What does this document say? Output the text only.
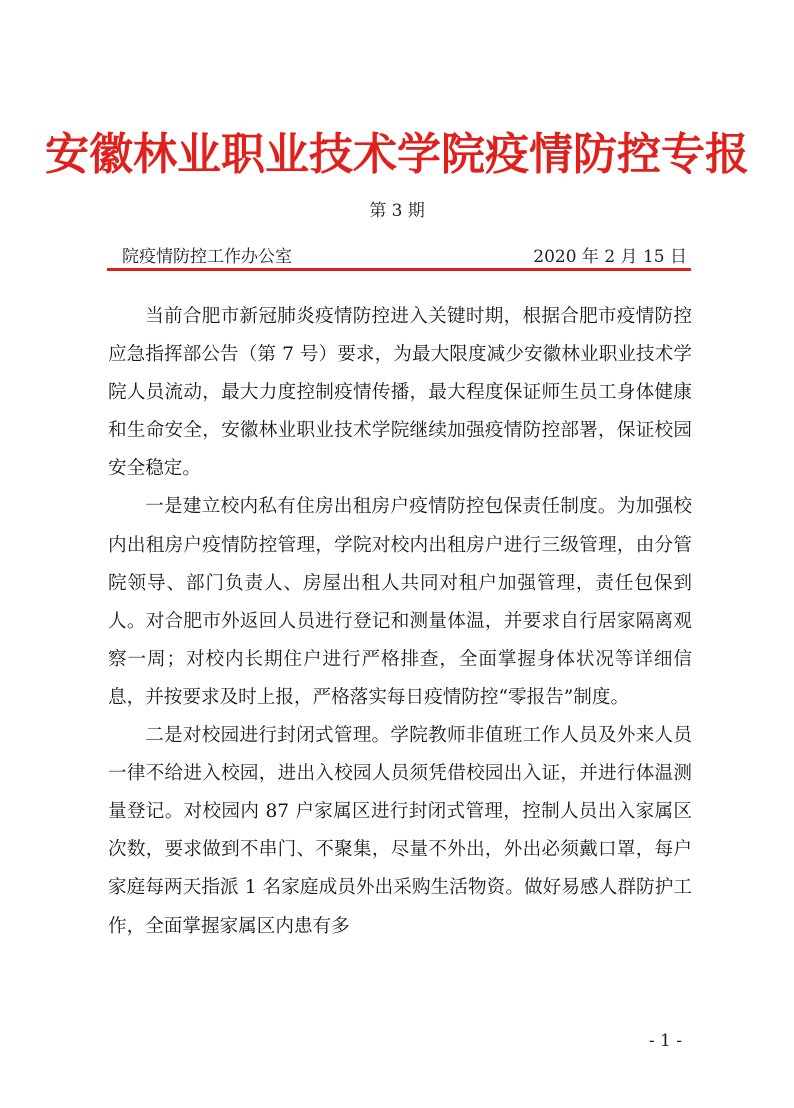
安徽林业职业技术学院疫情防控专报
第 3 期
院疫情防控工作办公室	2020 年 2 月 15 日

当前合肥市新冠肺炎疫情防控进入关键时期，根据合肥市疫情防控应急指挥部公告（第 7 号）要求，为最大限度减少安徽林业职业技术学院人员流动，最大力度控制疫情传播，最大程度保证师生员工身体健康和生命安全，安徽林业职业技术学院继续加强疫情防控部署，保证校园安全稳定。

一是建立校内私有住房出租房户疫情防控包保责任制度。为加强校内出租房户疫情防控管理，学院对校内出租房户进行三级管理，由分管院领导、部门负责人、房屋出租人共同对租户加强管理，责任包保到人。对合肥市外返回人员进行登记和测量体温，并要求自行居家隔离观察一周；对校内长期住户进行严格排查，全面掌握身体状况等详细信息，并按要求及时上报，严格落实每日疫情防控“零报告”制度。

二是对校园进行封闭式管理。学院教师非值班工作人员及外来人员一律不给进入校园，进出入校园人员须凭借校园出入证，并进行体温测量登记。对校园内 87 户家属区进行封闭式管理，控制人员出入家属区次数，要求做到不串门、不聚集，尽量不外出，外出必须戴口罩，每户家庭每两天指派 1 名家庭成员外出采购生活物资。做好易感人群防护工作，全面掌握家属区内患有多

- 1 -
